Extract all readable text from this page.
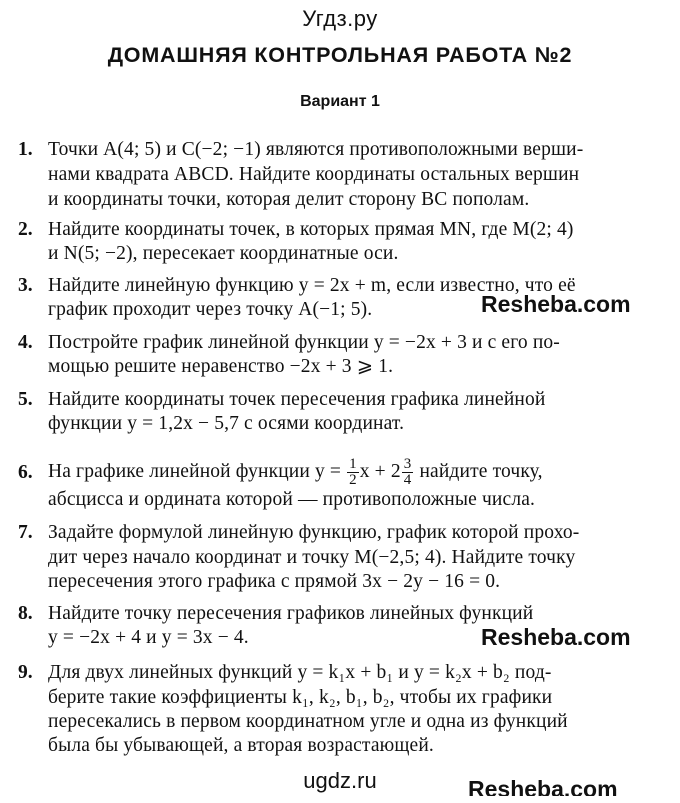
Угдз.ру
ДОМАШНЯЯ КОНТРОЛЬНАЯ РАБОТА №2
Вариант 1
1. Точки A(4; 5) и C(−2; −1) являются противоположными верши-
нами квадрата ABCD. Найдите координаты остальных вершин
и координаты точки, которая делит сторону BC пополам.
2. Найдите координаты точек, в которых прямая MN, где M(2; 4)
и N(5; −2), пересекает координатные оси.
3. Найдите линейную функцию y = 2x + m, если известно, что её
график проходит через точку A(−1; 5).	Resheba.com
4. Постройте график линейной функции y = −2x + 3 и с его по-
мощью решите неравенство −2x + 3 ⩾ 1.
5. Найдите координаты точек пересечения графика линейной
функции y = 1,2x − 5,7 с осями координат.
6. На графике линейной функции $y = \frac{1}{2}$ $x + 2 \frac{3}{4}$ найдите точку,
абсцисса и ордината которой — противоположные числа.
7. Задайте формулой линейную функцию, график которой прохо-
дит через начало координат и точку M(−2,5; 4). Найдите точку
пересечения этого графика с прямой 3x − 2y − 16 = 0.
8. Найдите точку пересечения графиков линейных функций
y = −2x + 4 и y = 3x − 4.	Resheba.com
9. Для двух линейных функций y = k₁x + b₁ и y = k₂x + b₂ под-
берите такие коэффициенты k₁, k₂, b₁, b₂, чтобы их графики
пересекались в первом координатном угле и одна из функций
была бы убывающей, а вторая возрастающей.
ugdz.ru	Resheba.com
